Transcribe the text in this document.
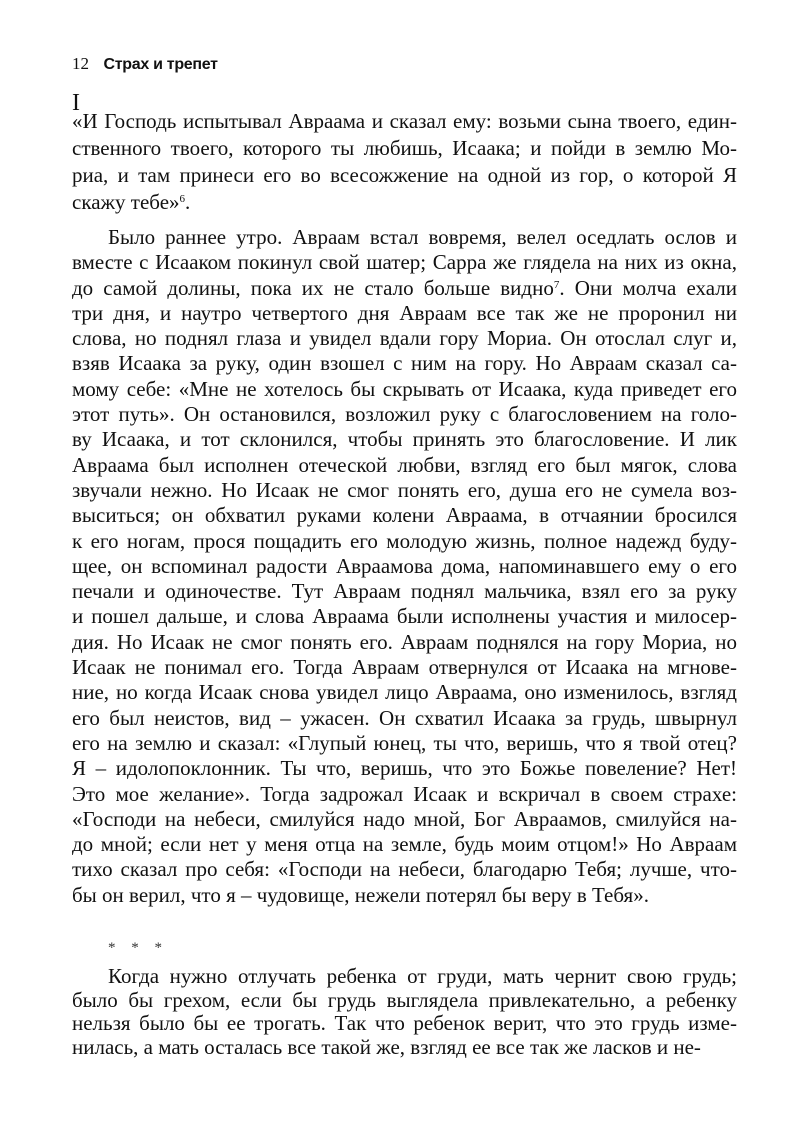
12 Страх и трепет
I
«И Господь испытывал Авраама и сказал ему: возьми сына твоего, един-
ственного твоего, которого ты любишь, Исаака; и пойди в землю Мо-
риа, и там принеси его во всесожжение на одной из гор, о которой Я
скажу тебе»$^6$.
Было раннее утро. Авраам встал вовремя, велел оседлать ослов и
вместе с Исааком покинул свой шатер; Сарра же глядела на них из окна,
до самой долины, пока их не стало больше видно$^7$. Они молча ехали
три дня, и наутро четвертого дня Авраам все так же не проронил ни
слова, но поднял глаза и увидел вдали гору Мориа. Он отослал слуг и,
взяв Исаака за руку, один взошел с ним на гору. Но Авраам сказал са-
мому себе: «Мне не хотелось бы скрывать от Исаака, куда приведет его
этот путь». Он остановился, возложил руку с благословением на голо-
ву Исаака, и тот склонился, чтобы принять это благословение. И лик
Авраама был исполнен отеческой любви, взгляд его был мягок, слова
звучали нежно. Но Исаак не смог понять его, душа его не сумела воз-
выситься; он обхватил руками колени Авраама, в отчаянии бросился
к его ногам, прося пощадить его молодую жизнь, полное надежд буду-
щее, он вспоминал радости Авраамова дома, напоминавшего ему о его
печали и одиночестве. Тут Авраам поднял мальчика, взял его за руку
и пошел дальше, и слова Авраама были исполнены участия и милосер-
дия. Но Исаак не смог понять его. Авраам поднялся на гору Мориа, но
Исаак не понимал его. Тогда Авраам отвернулся от Исаака на мгнове-
ние, но когда Исаак снова увидел лицо Авраама, оно изменилось, взгляд
его был неистов, вид – ужасен. Он схватил Исаака за грудь, швырнул
его на землю и сказал: «Глупый юнец, ты что, веришь, что я твой отец?
Я – идолопоклонник. Ты что, веришь, что это Божье повеление? Нет!
Это мое желание». Тогда задрожал Исаак и вскричал в своем страхе:
«Господи на небеси, смилуйся надо мной, Бог Авраамов, смилуйся на-
до мной; если нет у меня отца на земле, будь моим отцом!» Но Авраам
тихо сказал про себя: «Господи на небеси, благодарю Тебя; лучше, что-
бы он верил, что я – чудовище, нежели потерял бы веру в Тебя».
* * *
Когда нужно отлучать ребенка от груди, мать чернит свою грудь;
было бы грехом, если бы грудь выглядела привлекательно, а ребенку
нельзя было бы ее трогать. Так что ребенок верит, что это грудь изме-
нилась, а мать осталась все такой же, взгляд ее все так же ласков и не-
